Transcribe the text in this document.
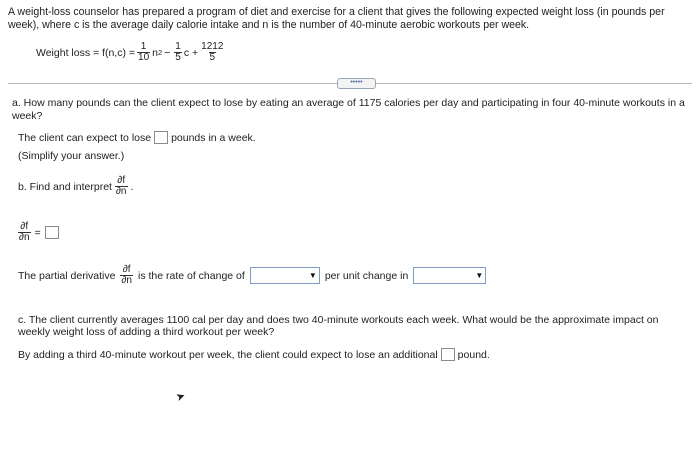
A weight-loss counselor has prepared a program of diet and exercise for a client that gives the following expected weight loss (in pounds per week), where c is the average daily calorie intake and n is the number of 40-minute aerobic workouts per week.
Weight loss = $f(n,c) = \frac{1}{10}$ n $2 - \frac{1}{5}$ $c + \frac{1212}{5}$
•••••
a. How many pounds can the client expect to lose by eating an average of 1175 calories per day and participating in four 40-minute workouts in a week?
The client can expect to lose pounds in a week.
(Simplify your answer.)
b. Find and interpret $\frac{\partial f}{\partial n}$ .
$\frac{\partial f}{\partial n}$ =
The partial derivative $\frac{\partial f}{\partial n}$ is the rate of change of	▼ per unit change in	▼
c. The client currently averages 1100 cal per day and does two 40-minute workouts each week. What would be the approximate impact on weekly weight loss of adding a third workout per week?
By adding a third 40-minute workout per week, the client could expect to lose an additional pound.
➤
